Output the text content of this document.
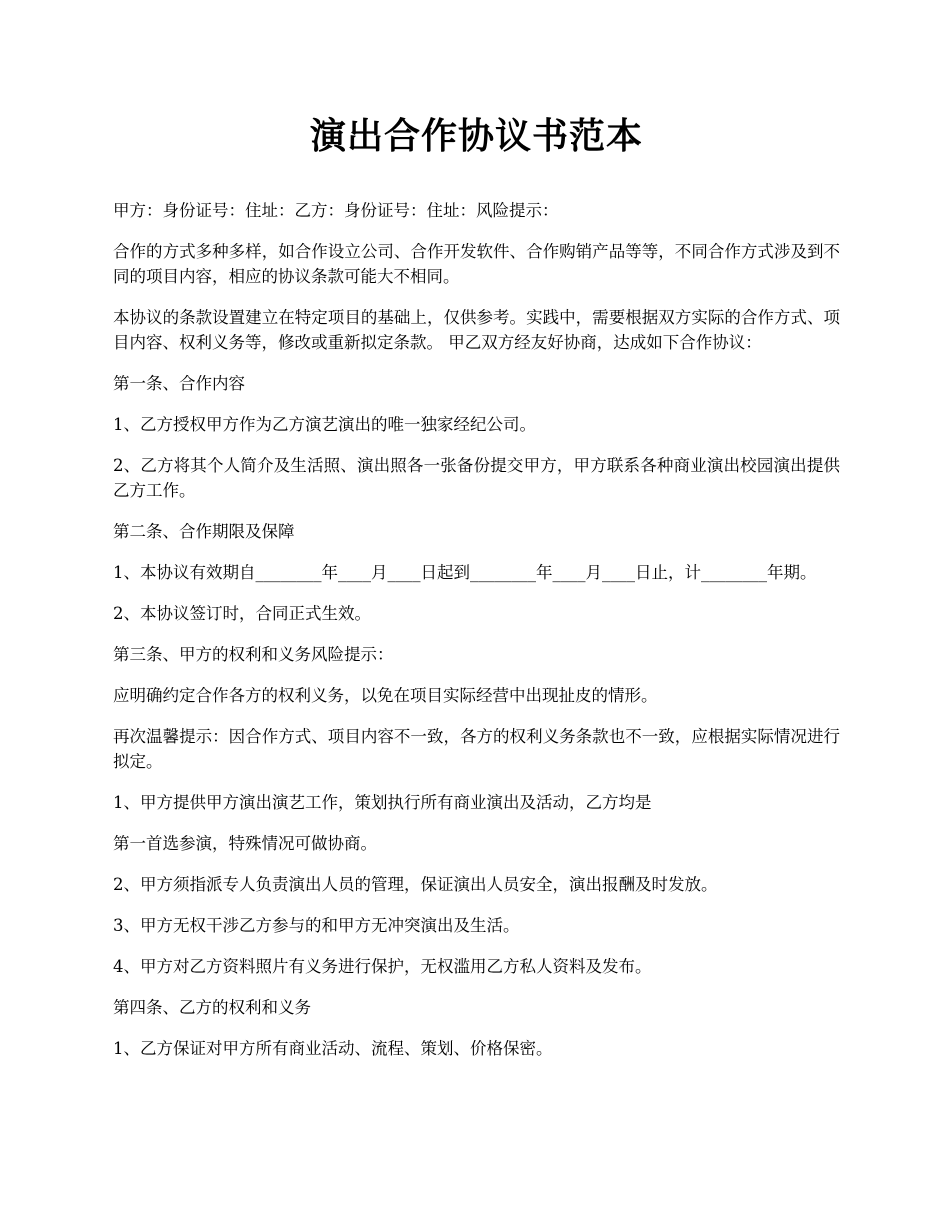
演出合作协议书范本

甲方：身份证号：住址：乙方：身份证号：住址：风险提示：

合作的方式多种多样，如合作设立公司、合作开发软件、合作购销产品等等，不同合作方式涉及到不同的项目内容，相应的协议条款可能大不相同。

本协议的条款设置建立在特定项目的基础上，仅供参考。实践中，需要根据双方实际的合作方式、项目内容、权利义务等，修改或重新拟定条款。 甲乙双方经友好协商，达成如下合作协议：

第一条、合作内容

1、乙方授权甲方作为乙方演艺演出的唯一独家经纪公司。

2、乙方将其个人简介及生活照、演出照各一张备份提交甲方，甲方联系各种商业演出校园演出提供乙方工作。

第二条、合作期限及保障

1、本协议有效期自________年____月____日起到________年____月____日止，计________年期。

2、本协议签订时，合同正式生效。

第三条、甲方的权利和义务风险提示：

应明确约定合作各方的权利义务，以免在项目实际经营中出现扯皮的情形。

再次温馨提示：因合作方式、项目内容不一致，各方的权利义务条款也不一致，应根据实际情况进行拟定。

1、甲方提供甲方演出演艺工作，策划执行所有商业演出及活动，乙方均是

第一首选参演，特殊情况可做协商。

2、甲方须指派专人负责演出人员的管理，保证演出人员安全，演出报酬及时发放。

3、甲方无权干涉乙方参与的和甲方无冲突演出及生活。

4、甲方对乙方资料照片有义务进行保护，无权滥用乙方私人资料及发布。

第四条、乙方的权利和义务

1、乙方保证对甲方所有商业活动、流程、策划、价格保密。
